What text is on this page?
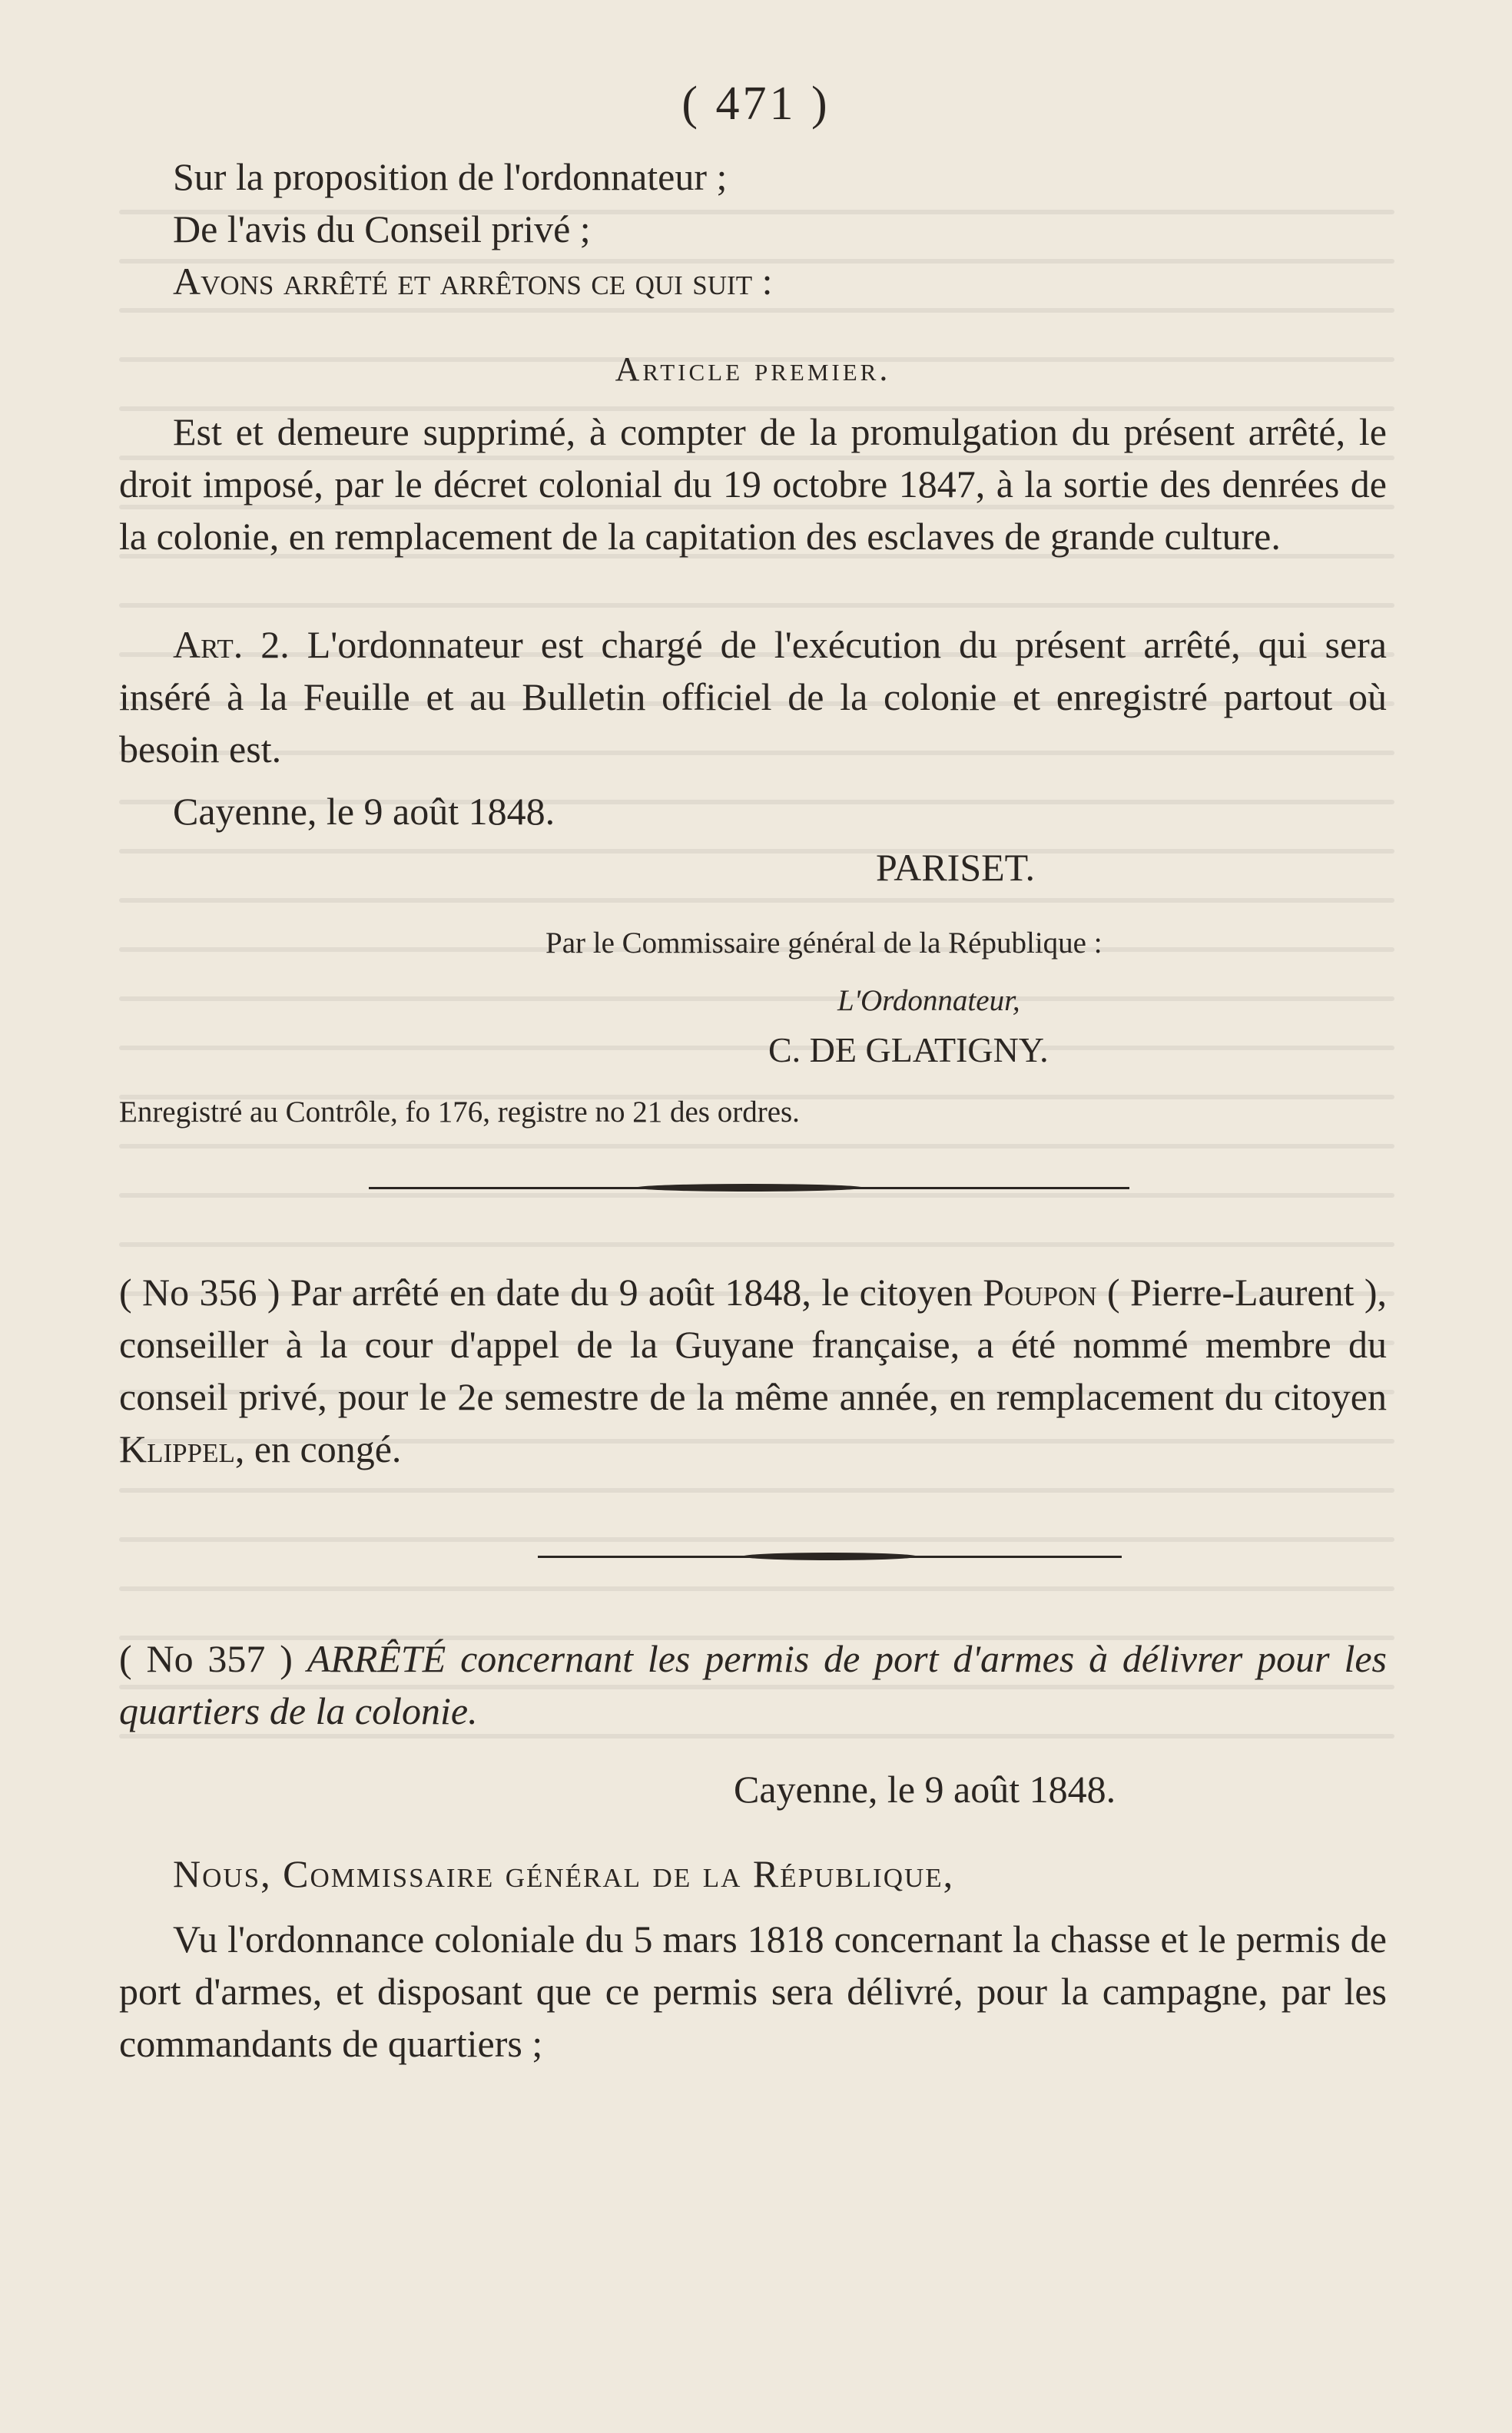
( 471 )

Sur la proposition de l'ordonnateur ;

De l'avis du Conseil privé ;

Avons arrêté et arrêtons ce qui suit :

Article premier.

Est et demeure supprimé, à compter de la promulgation du présent arrêté, le droit imposé, par le décret colonial du 19 octobre 1847, à la sortie des denrées de la colonie, en remplacement de la capitation des esclaves de grande culture.

Art. 2. L'ordonnateur est chargé de l'exécution du présent arrêté, qui sera inséré à la Feuille et au Bulletin officiel de la colonie et enregistré partout où besoin est.

Cayenne, le 9 août 1848.

PARISET.
Par le Commissaire général de la République :
L'Ordonnateur,
C. DE GLATIGNY.
Enregistré au Contrôle, fo 176, registre no 21 des ordres.

( No 356 ) Par arrêté en date du 9 août 1848, le citoyen Poupon ( Pierre-Laurent ), conseiller à la cour d'appel de la Guyane française, a été nommé membre du conseil privé, pour le 2e semestre de la même année, en remplacement du citoyen Klippel, en congé.

( No 357 ) ARRÊTÉ concernant les permis de port d'armes à délivrer pour les quartiers de la colonie.

Cayenne, le 9 août 1848.

Nous, Commissaire général de la République,

Vu l'ordonnance coloniale du 5 mars 1818 concernant la chasse et le permis de port d'armes, et disposant que ce permis sera délivré, pour la campagne, par les commandants de quartiers ;
